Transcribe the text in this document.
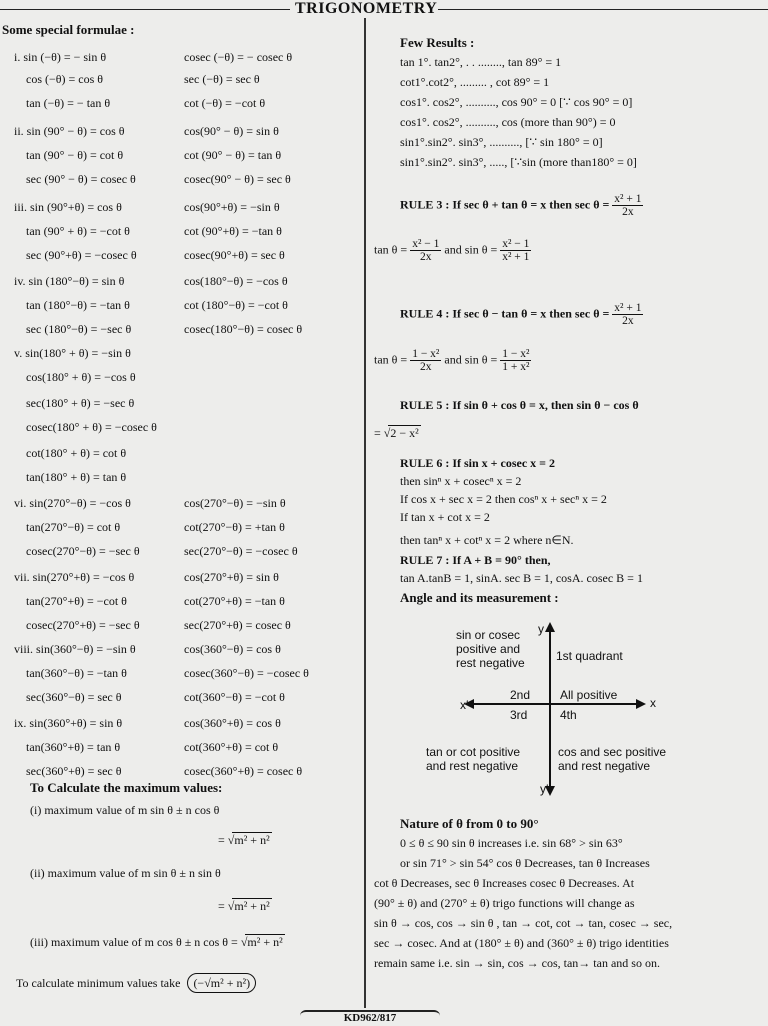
TRIGONOMETRY
Some special formulae :
i. sin (−θ) = − sin θ	cosec (−θ) = − cosec θ
cos (−θ) = cos θ	sec (−θ) = sec θ
tan (−θ) = − tan θ	cot (−θ) = −cot θ
ii. sin (90° − θ) = cos θ	cos(90° − θ) = sin θ
tan (90° − θ) = cot θ	cot (90° − θ) = tan θ
sec (90° − θ) = cosec θ	cosec(90° − θ) = sec θ
iii. sin (90°+θ) = cos θ	cos(90°+θ) = −sin θ
tan (90° + θ) = −cot θ	cot (90°+θ) = −tan θ
sec (90°+θ) = −cosec θ	cosec(90°+θ) = sec θ
iv. sin (180°−θ) = sin θ	cos(180°−θ) = −cos θ
tan (180°−θ) = −tan θ	cot (180°−θ) = −cot θ
sec (180°−θ) = −sec θ	cosec(180°−θ) = cosec θ
v. sin(180° + θ) = −sin θ
cos(180° + θ) = −cos θ
sec(180° + θ) = −sec θ
cosec(180° + θ) = −cosec θ
cot(180° + θ) = cot θ
tan(180° + θ) = tan θ
vi. sin(270°−θ) = −cos θ	cos(270°−θ) = −sin θ
tan(270°−θ) = cot θ	cot(270°−θ) = +tan θ
cosec(270°−θ) = −sec θ	sec(270°−θ) = −cosec θ
vii. sin(270°+θ) = −cos θ	cos(270°+θ) = sin θ
tan(270°+θ) = −cot θ	cot(270°+θ) = −tan θ
cosec(270°+θ) = −sec θ	sec(270°+θ) = cosec θ
viii. sin(360°−θ) = −sin θ	cos(360°−θ) = cos θ
tan(360°−θ) = −tan θ	cosec(360°−θ) = −cosec θ
sec(360°−θ) = sec θ	cot(360°−θ) = −cot θ
ix. sin(360°+θ) = sin θ	cos(360°+θ) = cos θ
tan(360°+θ) = tan θ	cot(360°+θ) = cot θ
sec(360°+θ) = sec θ	cosec(360°+θ) = cosec θ
To Calculate the maximum values:
(i) maximum value of m sin θ ± n cos θ
= √m² + n²
(ii) maximum value of m sin θ ± n sin θ
= √m² + n²
(iii) maximum value of m cos θ ± n cos θ = √m² + n²
To calculate minimum values take (−√m² + n²)
Few Results :
tan 1°. tan2°, . . ........, tan 89° = 1
cot1°.cot2°, ......... , cot 89° = 1
cos1°. cos2°, .........., cos 90° = 0 [∵ cos 90° = 0]
cos1°. cos2°, .........., cos (more than 90°) = 0
sin1°.sin2°. sin3°, .........., [∵ sin 180° = 0]
sin1°.sin2°. sin3°, ....., [∵sin (more than180° = 0]
RULE 3 : If sec θ + tan θ = x then $\sec \theta = \frac{\text{x² + 1}}{2x}$
$\tan \theta = \frac{\text{x² − 1}}{2x}$ and $\sin \theta = \frac{\text{x² − 1}}{\text{x² + 1}}$
RULE 4 : If sec θ − tan θ = x then $\sec \theta = \frac{\text{x² + 1}}{2x}$
$\tan \theta = \frac{\text{1 − x²}}{2x}$ and $\sin \theta = \frac{\text{1 − x²}}{\text{1 + x²}}$
RULE 5 : If sin θ + cos θ = x, then sin θ − cos θ
= √2 − x²
RULE 6 : If sin x + cosec x = 2
then sinⁿ x + cosecⁿ x = 2
If cos x + sec x = 2 then cosⁿ x + secⁿ x = 2
If tan x + cot x = 2
then tanⁿ x + cotⁿ x = 2 where n∈N.
RULE 7 : If A + B = 90° then,
tan A.tanB = 1, sinA. sec B = 1, cosA. cosec B = 1
Angle and its measurement :
sin or cosec
positive and
rest negative	1st quadrant
2nd All positive
3rd	4th
tan or cot positive
and rest negative
cos and sec positive
and rest negative
x
x′
y
y′
Nature of θ from 0 to 90°
0 ≤ θ ≤ 90 sin θ increases i.e. sin 68° > sin 63°
or sin 71° > sin 54° cos θ Decreases, tan θ Increases
cot θ Decreases, sec θ Increases cosec θ Decreases. At
(90° ± θ) and (270° ± θ) trigo functions will change as
sin θ → cos, cos → sin θ , tan → cot, cot → tan, cosec → sec,
sec → cosec. And at (180° ± θ) and (360° ± θ) trigo identities
remain same i.e. sin → sin, cos → cos, tan→ tan and so on.
KD962/817
